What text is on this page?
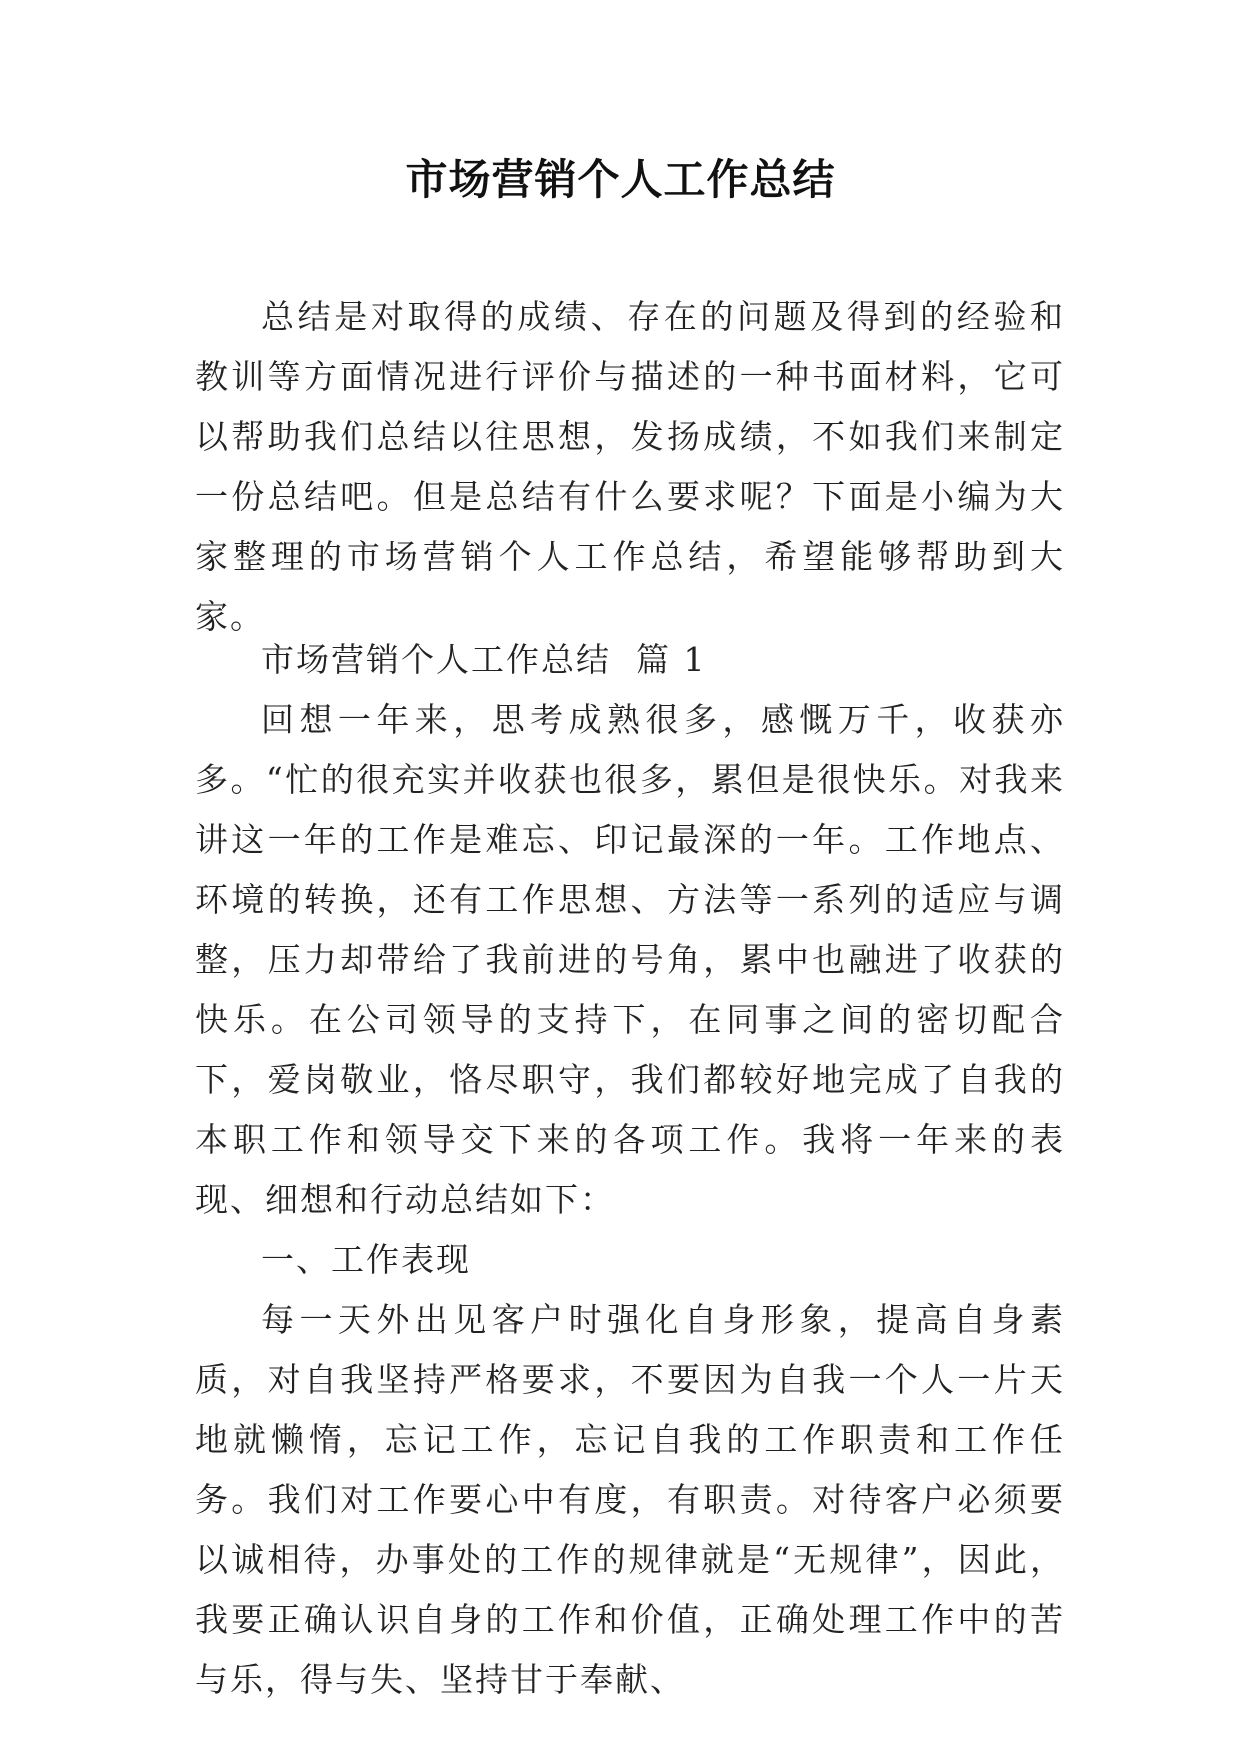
市场营销个人工作总结

总结是对取得的成绩、存在的问题及得到的经验和教训等方面情况进行评价与描述的一种书面材料，它可以帮助我们总结以往思想，发扬成绩，不如我们来制定一份总结吧。但是总结有什么要求呢？下面是小编为大家整理的市场营销个人工作总结，希望能够帮助到大家。

市场营销个人工作总结  篇 1

回想一年来，思考成熟很多，感慨万千，收获亦多。“忙的很充实并收获也很多，累但是很快乐。对我来讲这一年的工作是难忘、印记最深的一年。工作地点、环境的转换，还有工作思想、方法等一系列的适应与调整，压力却带给了我前进的号角，累中也融进了收获的快乐。在公司领导的支持下，在同事之间的密切配合下，爱岗敬业，恪尽职守，我们都较好地完成了自我的本职工作和领导交下来的各项工作。我将一年来的表现、细想和行动总结如下：

一、工作表现

每一天外出见客户时强化自身形象，提高自身素质，对自我坚持严格要求，不要因为自我一个人一片天地就懒惰，忘记工作，忘记自我的工作职责和工作任务。我们对工作要心中有度，有职责。对待客户必须要以诚相待，办事处的工作的规律就是“无规律”，因此，我要正确认识自身的工作和价值，正确处理工作中的苦与乐，得与失、坚持甘于奉献、
